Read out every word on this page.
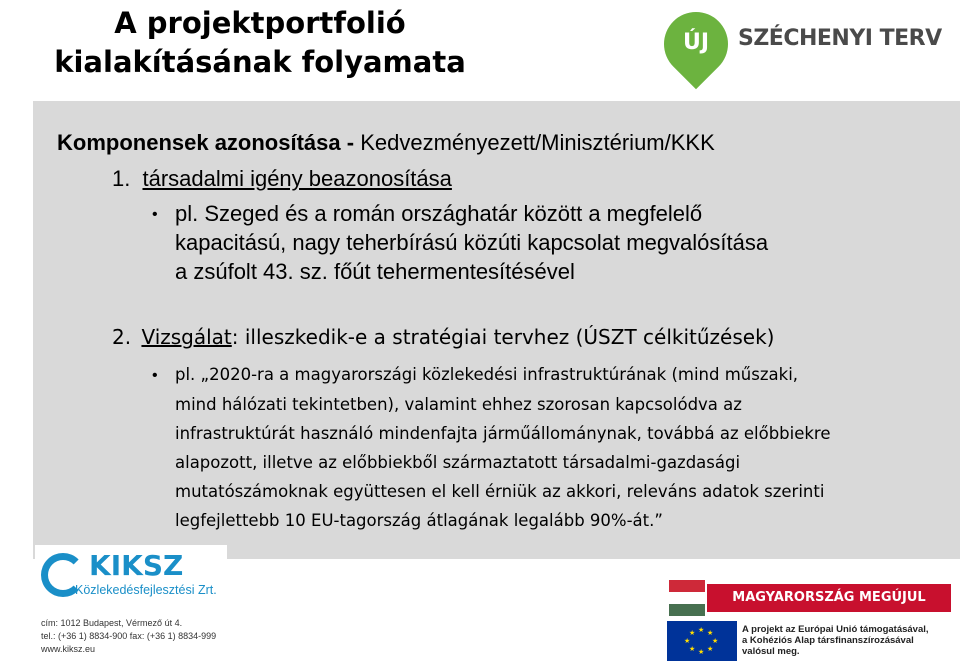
A projektportfolió
kialakításának folyamata
ÚJ	SZÉCHENYI TERV
Komponensek azonosítása - Kedvezményezett/Minisztérium/KKK
1. társadalmi igény beazonosítása
• pl. Szeged és a román országhatár között a megfelelő
kapacitású, nagy teherbírású közúti kapcsolat megvalósítása
a zsúfolt 43. sz. főút tehermentesítésével
2. Vizsgálat: illeszkedik-e a stratégiai tervhez (ÚSZT célkitűzések)
• pl. „2020-ra a magyarországi közlekedési infrastruktúrának (mind műszaki,
mind hálózati tekintetben), valamint ehhez szorosan kapcsolódva az
infrastruktúrát használó mindenfajta járműállománynak, továbbá az előbbiekre
alapozott, illetve az előbbiekből származtatott társadalmi-gazdasági
mutatószámoknak együttesen el kell érniük az akkori, releváns adatok szerinti
legfejlettebb 10 EU-tagország átlagának legalább 90%-át.”
KIKSZ
Közlekedésfejlesztési Zrt.
cím: 1012 Budapest, Vérmező út 4.
tel.: (+36 1) 8834-900 fax: (+36 1) 8834-999
www.kiksz.eu
MAGYARORSZÁG MEGÚJUL
★ ★
★
★
★
★
★
★	A projekt az Európai Unió támogatásával,
a Kohéziós Alap társfinanszírozásával
valósul meg.
